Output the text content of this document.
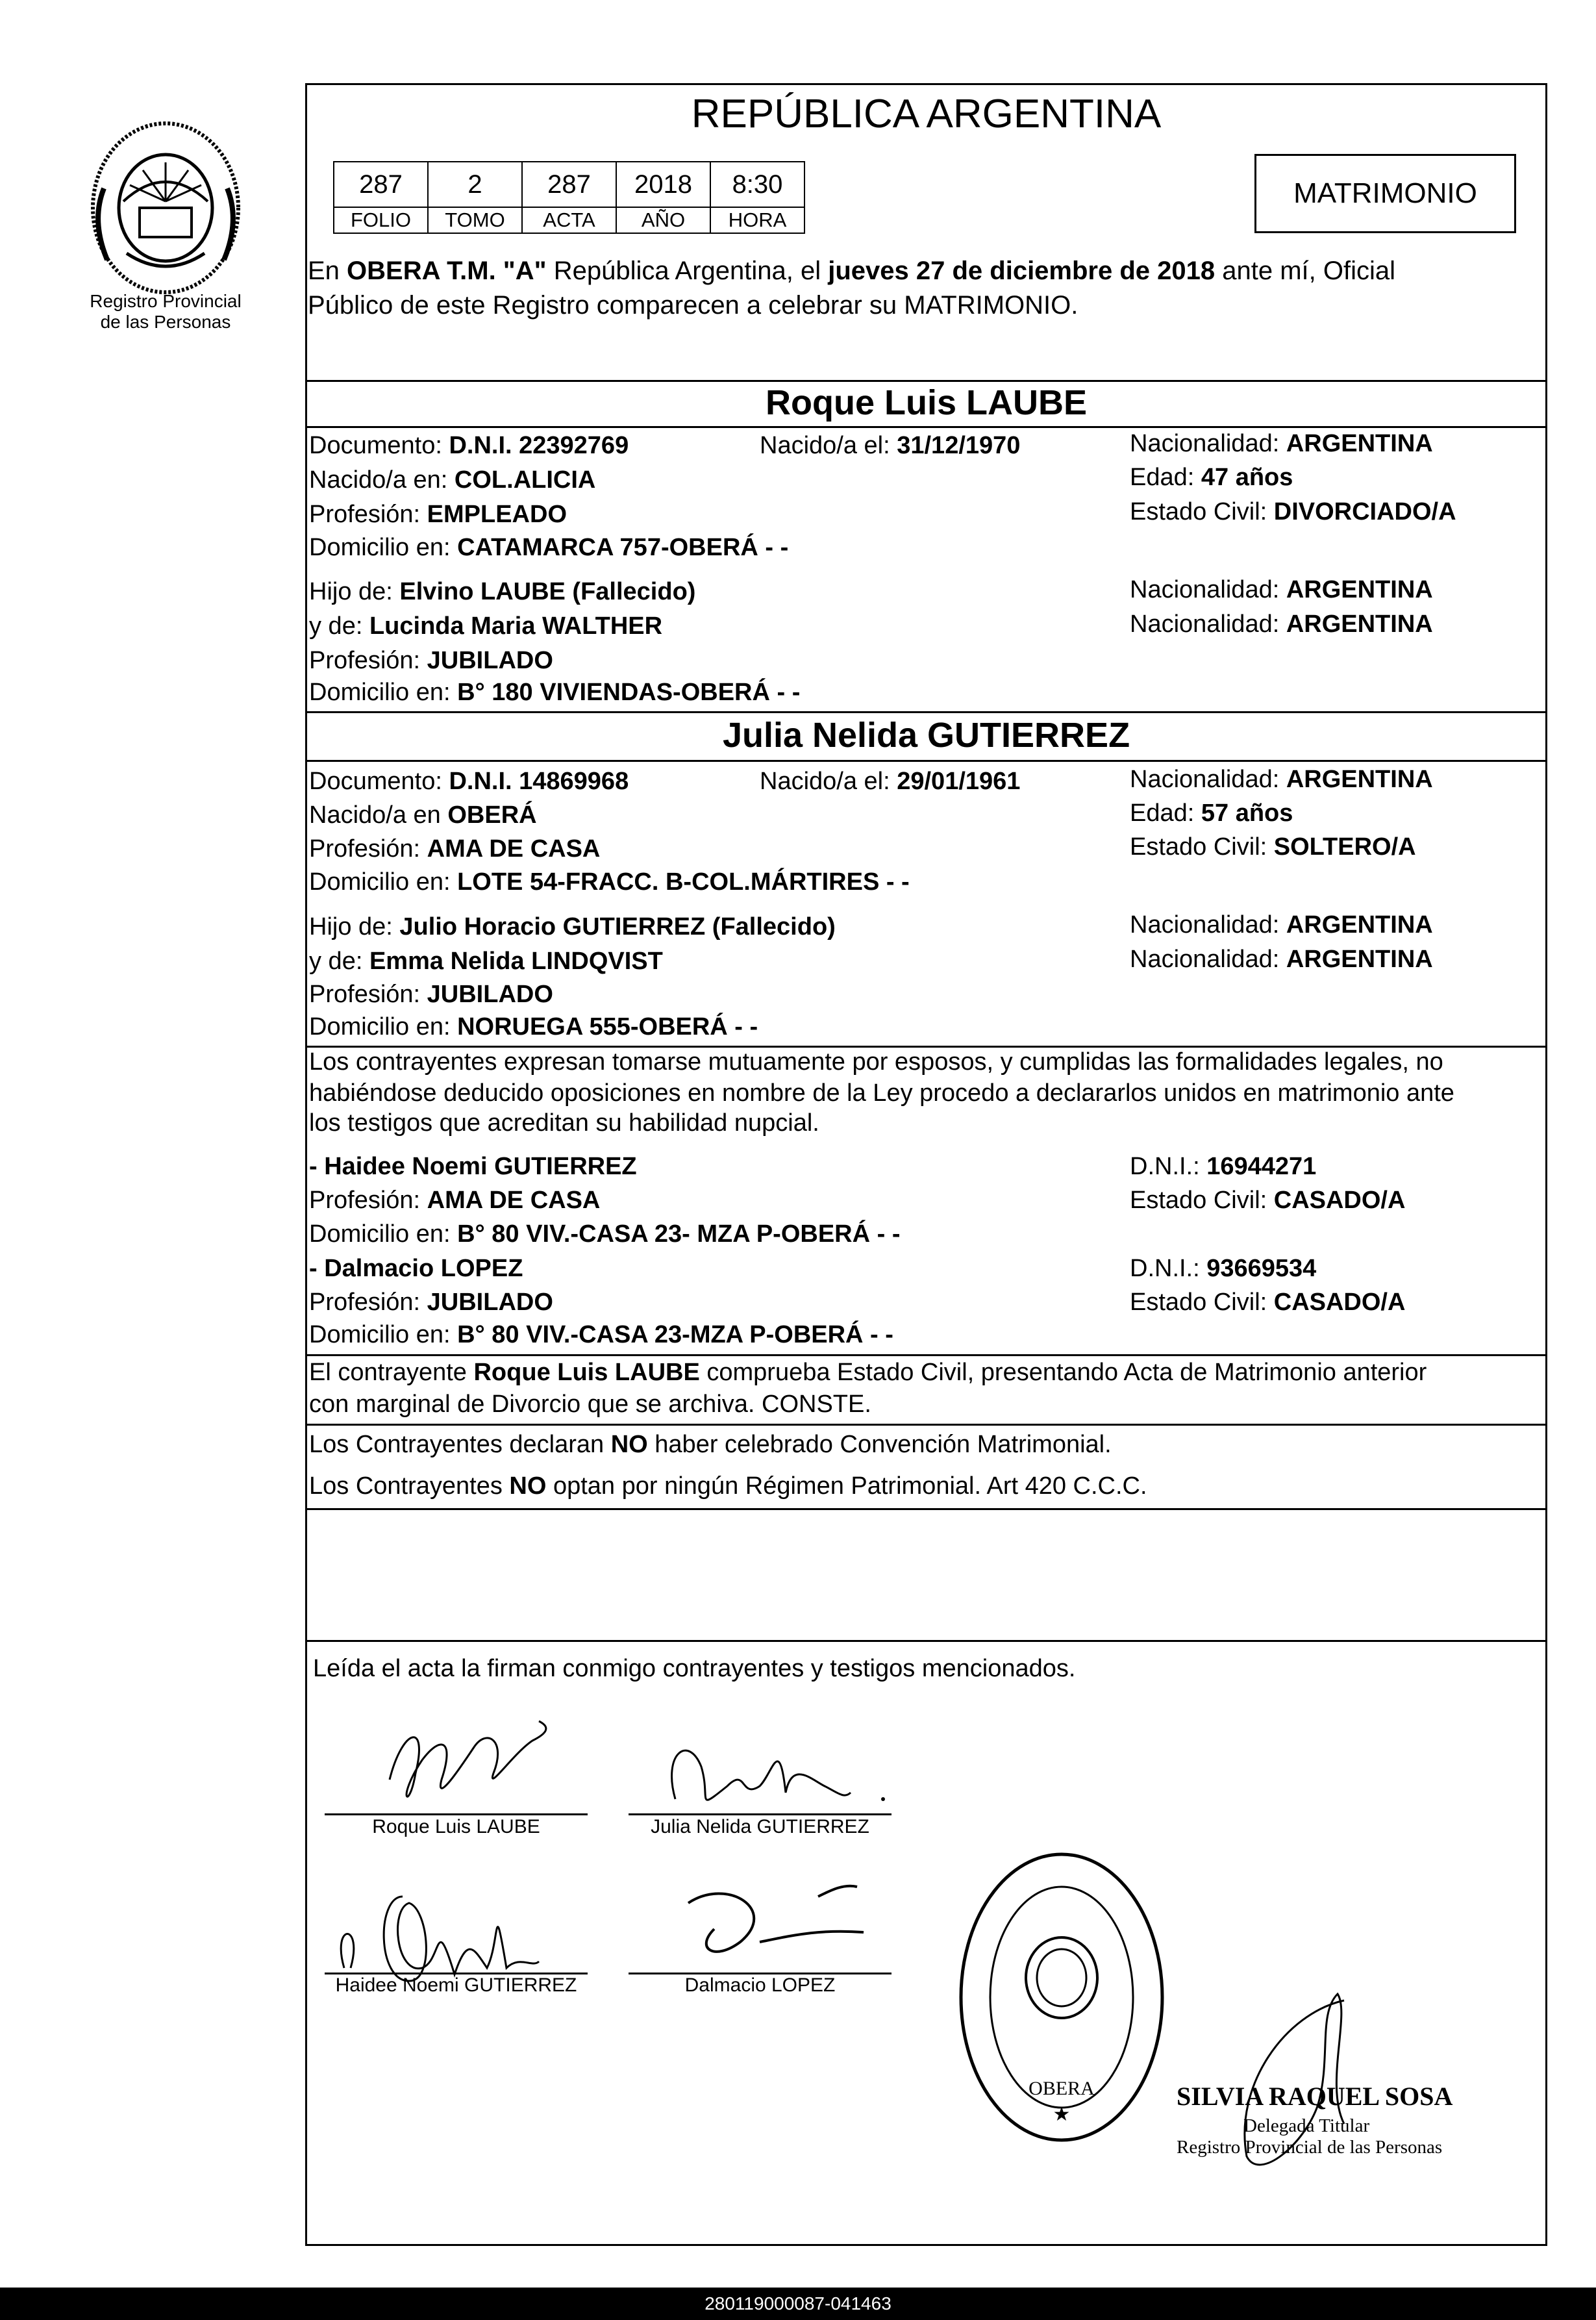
Registro Provincial
de las Personas
REPÚBLICA ARGENTINA
287	2	287	2018	8:30
FOLIO	TOMO	ACTA	AÑO	HORA
MATRIMONIO
En OBERA T.M. "A" República Argentina, el jueves 27 de diciembre de 2018 ante mí, Oficial
Público de este Registro comparecen a celebrar su MATRIMONIO.
Roque Luis LAUBE
Documento: D.N.I. 22392769	Nacido/a el: 31/12/1970	Nacionalidad: ARGENTINA
Nacido/a en: COL.ALICIA	Edad: 47 años
Profesión: EMPLEADO	Estado Civil: DIVORCIADO/A
Domicilio en: CATAMARCA 757-OBERÁ - -
Hijo de: Elvino LAUBE (Fallecido)	Nacionalidad: ARGENTINA
y de: Lucinda Maria WALTHER	Nacionalidad: ARGENTINA
Profesión: JUBILADO
Domicilio en: B° 180 VIVIENDAS-OBERÁ - -
Julia Nelida GUTIERREZ
Documento: D.N.I. 14869968	Nacido/a el: 29/01/1961	Nacionalidad: ARGENTINA
Nacido/a en OBERÁ	Edad: 57 años
Profesión: AMA DE CASA	Estado Civil: SOLTERO/A
Domicilio en: LOTE 54-FRACC. B-COL.MÁRTIRES - -
Hijo de: Julio Horacio GUTIERREZ (Fallecido)	Nacionalidad: ARGENTINA
y de: Emma Nelida LINDQVIST	Nacionalidad: ARGENTINA
Profesión: JUBILADO
Domicilio en: NORUEGA 555-OBERÁ - -
Los contrayentes expresan tomarse mutuamente por esposos, y cumplidas las formalidades legales, no
habiéndose deducido oposiciones en nombre de la Ley procedo a declararlos unidos en matrimonio ante
los testigos que acreditan su habilidad nupcial.
- Haidee Noemi GUTIERREZ	D.N.I.: 16944271
Profesión: AMA DE CASA	Estado Civil: CASADO/A
Domicilio en: B° 80 VIV.-CASA 23- MZA P-OBERÁ - -
- Dalmacio LOPEZ	D.N.I.: 93669534
Profesión: JUBILADO	Estado Civil: CASADO/A
Domicilio en: B° 80 VIV.-CASA 23-MZA P-OBERÁ - -
El contrayente Roque Luis LAUBE comprueba Estado Civil, presentando Acta de Matrimonio anterior
con marginal de Divorcio que se archiva. CONSTE.
Los Contrayentes declaran NO haber celebrado Convención Matrimonial.
Los Contrayentes NO optan por ningún Régimen Patrimonial. Art 420 C.C.C.
Leída el acta la firman conmigo contrayentes y testigos mencionados.
Roque Luis LAUBE	Julia Nelida GUTIERREZ
Haidee Noemi GUTIERREZ	Dalmacio LOPEZ
OBERA
★
SILVIA RAQUEL SOSA
Delegada Titular
Registro Provincial de las Personas
280119000087-041463
